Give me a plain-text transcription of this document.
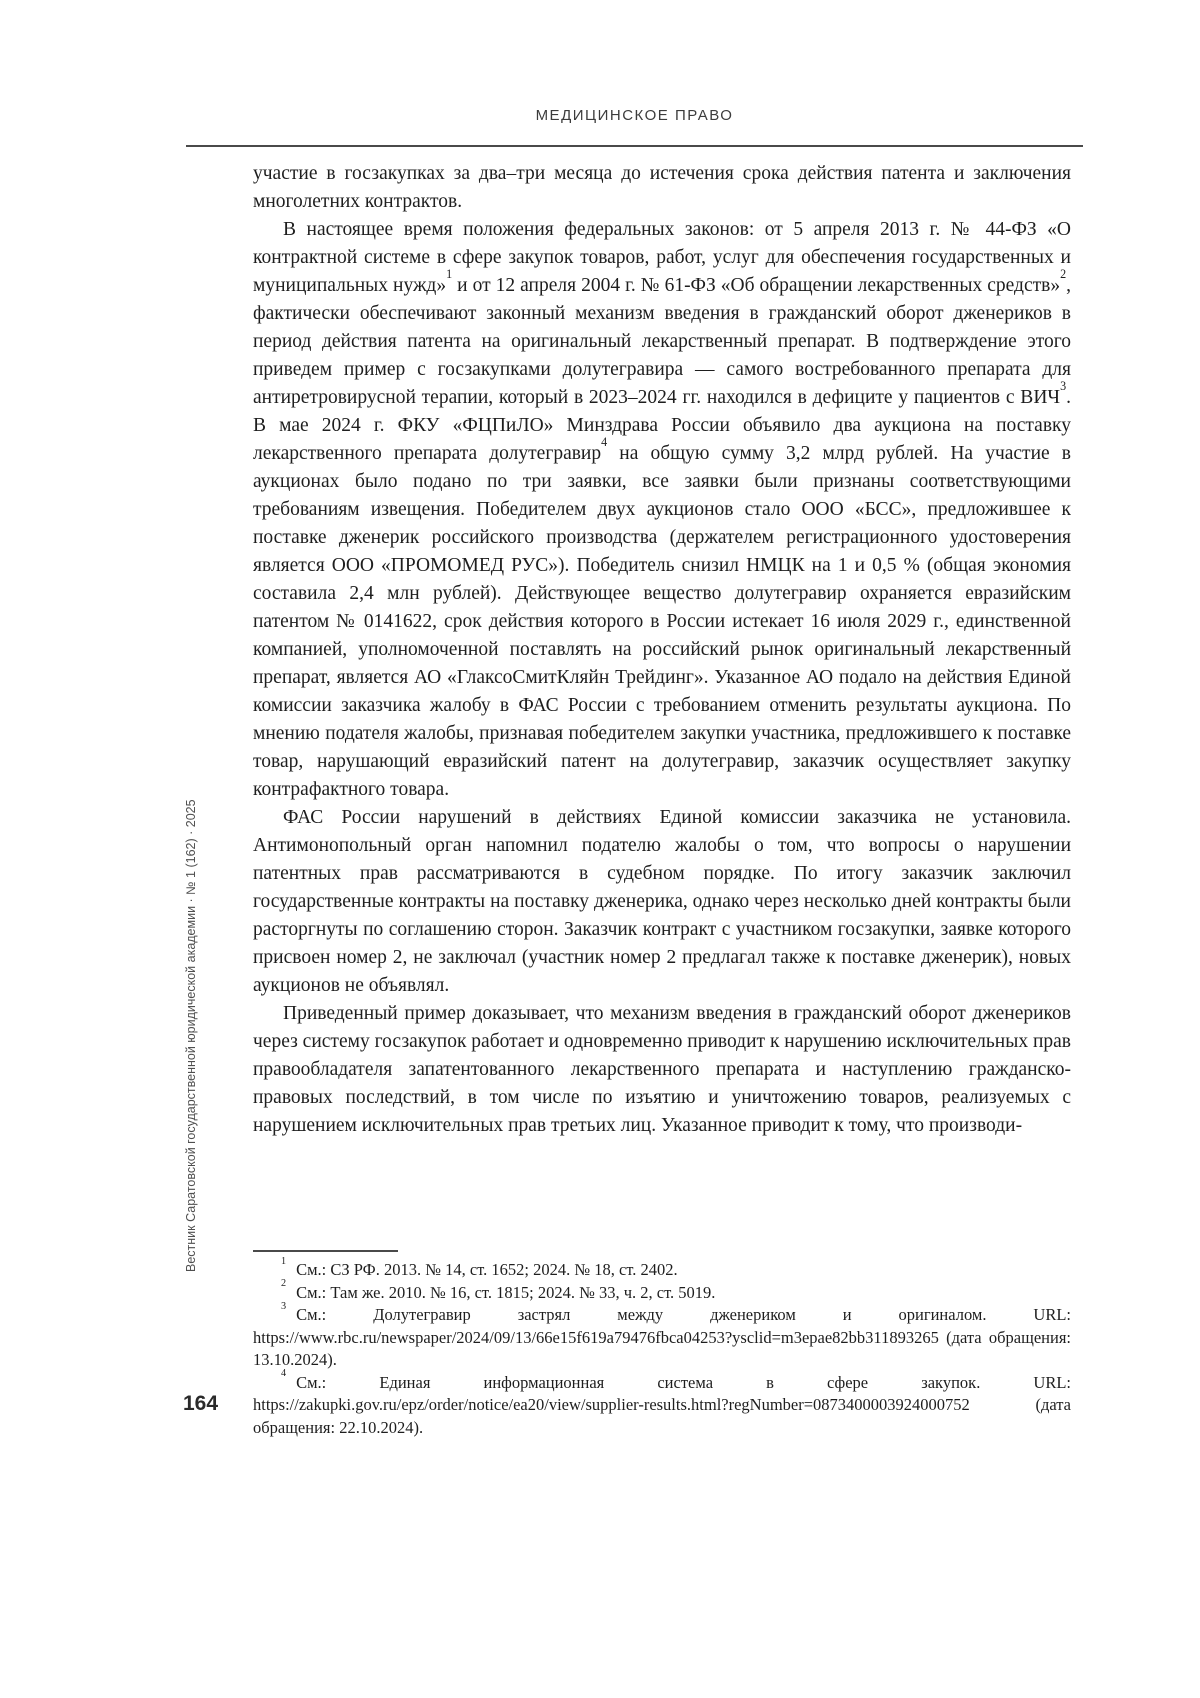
МЕДИЦИНСКОЕ ПРАВО
Вестник Саратовской государственной юридической академии · № 1 (162) · 2025
164

участие в госзакупках за два–три месяца до истечения срока действия патента и заключения многолетних контрактов.

В настоящее время положения федеральных законов: от 5 апреля 2013 г. № 44-ФЗ «О контрактной системе в сфере закупок товаров, работ, услуг для обеспечения государственных и муниципальных нужд»$^1$ и от 12 апреля 2004 г. № 61-ФЗ «Об обращении лекарственных средств»$^2$, фактически обеспечивают законный механизм введения в гражданский оборот дженериков в период действия патента на оригинальный лекарственный препарат. В подтверждение этого приведем пример с госзакупками долутегравира — самого востребованного препарата для антиретровирусной терапии, который в 2023–2024 гг. находился в дефиците у пациентов с ВИЧ$^3$. В мае 2024 г. ФКУ «ФЦПиЛО» Минздрава России объявило два аукциона на поставку лекарственного препарата долутегравир$^4$ на общую сумму 3,2 млрд рублей. На участие в аукционах было подано по три заявки, все заявки были признаны соответствующими требованиям извещения. Победителем двух аукционов стало ООО «БСС», предложившее к поставке дженерик российского производства (держателем регистрационного удостоверения является ООО «ПРОМОМЕД РУС»). Победитель снизил НМЦК на 1 и 0,5 % (общая экономия составила 2,4 млн рублей). Действующее вещество долутегравир охраняется евразийским патентом № 0141622, срок действия которого в России истекает 16 июля 2029 г., единственной компанией, уполномоченной поставлять на российский рынок оригинальный лекарственный препарат, является АО «ГлаксоСмитКляйн Трейдинг». Указанное АО подало на действия Единой комиссии заказчика жалобу в ФАС России с требованием отменить результаты аукциона. По мнению подателя жалобы, признавая победителем закупки участника, предложившего к поставке товар, нарушающий евразийский патент на долутегравир, заказчик осуществляет закупку контрафактного товара.

ФАС России нарушений в действиях Единой комиссии заказчика не установила. Антимонопольный орган напомнил подателю жалобы о том, что вопросы о нарушении патентных прав рассматриваются в судебном порядке. По итогу заказчик заключил государственные контракты на поставку дженерика, однако через несколько дней контракты были расторгнуты по соглашению сторон. Заказчик контракт с участником госзакупки, заявке которого присвоен номер 2, не заключал (участник номер 2 предлагал также к поставке дженерик), новых аукционов не объявлял.

Приведенный пример доказывает, что механизм введения в гражданский оборот дженериков через систему госзакупок работает и одновременно приводит к нарушению исключительных прав правообладателя запатентованного лекарственного препарата и наступлению гражданско-правовых последствий, в том числе по изъятию и уничтожению товаров, реализуемых с нарушением исключительных прав третьих лиц. Указанное приводит к тому, что производи-

$^1$ См.: СЗ РФ. 2013. № 14, ст. 1652; 2024. № 18, ст. 2402.

$^2$ См.: Там же. 2010. № 16, ст. 1815; 2024. № 33, ч. 2, ст. 5019.

$^3$ См.: Долутегравир застрял между дженериком и оригиналом. URL: https://www.rbc.ru/newspaper/2024/09/13/66e15f619a79476fbca04253?ysclid=m3epae82bb311893265 (дата обращения: 13.10.2024).

$^4$ См.: Единая информационная система в сфере закупок. URL: https://zakupki.gov.ru/epz/order/notice/ea20/view/supplier-results.html?regNumber=0873400003924000752 (дата обращения: 22.10.2024).
